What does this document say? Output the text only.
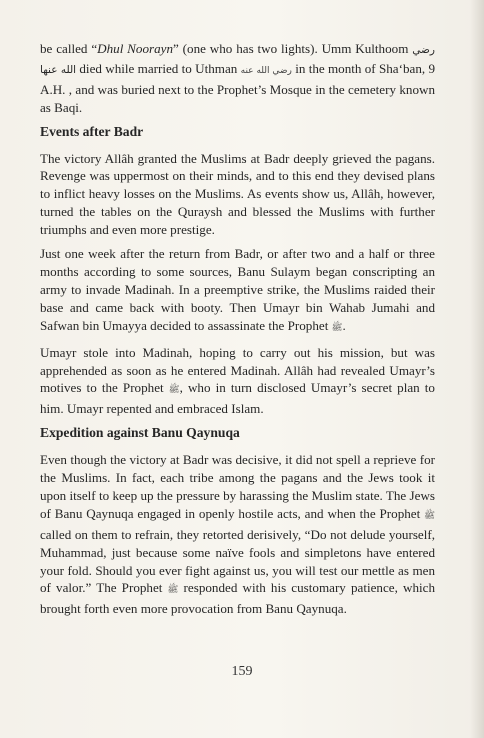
be called “Dhul Noorayn” (one who has two lights). Umm Kulthoom رضي الله عنها died while married to Uthman رضي الله عنه in the month of Sha‘ban, 9 A.H. , and was buried next to the Prophet’s Mosque in the cemetery known as Baqi.

Events after Badr

The victory Allâh granted the Muslims at Badr deeply grieved the pagans. Revenge was uppermost on their minds, and to this end they devised plans to inflict heavy losses on the Muslims. As events show us, Allâh, however, turned the tables on the Quraysh and blessed the Muslims with further triumphs and even more prestige.

Just one week after the return from Badr, or after two and a half or three months according to some sources, Banu Sulaym began conscripting an army to invade Madinah. In a preemptive strike, the Muslims raided their base and came back with booty. Then Umayr bin Wahab Jumahi and Safwan bin Umayya decided to assassinate the Prophet ﷺ.

Umayr stole into Madinah, hoping to carry out his mission, but was apprehended as soon as he entered Madinah. Allâh had revealed Umayr’s motives to the Prophet ﷺ, who in turn disclosed Umayr’s secret plan to him. Umayr repented and embraced Islam.

Expedition against Banu Qaynuqa

Even though the victory at Badr was decisive, it did not spell a reprieve for the Muslims. In fact, each tribe among the pagans and the Jews took it upon itself to keep up the pressure by harassing the Muslim state. The Jews of Banu Qaynuqa engaged in openly hostile acts, and when the Prophet ﷺ called on them to refrain, they retorted derisively, “Do not delude yourself, Muhammad, just because some naïve fools and simpletons have entered your fold. Should you ever fight against us, you will test our mettle as men of valor.” The Prophet ﷺ responded with his customary patience, which brought forth even more provocation from Banu Qaynuqa.

159
